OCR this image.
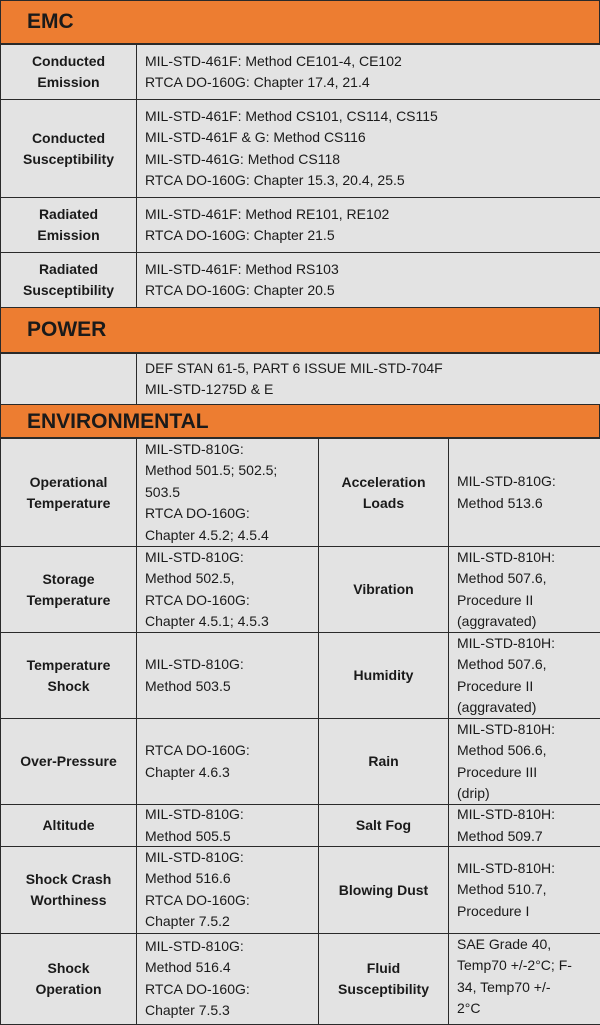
EMC
Conducted
Emission
MIL-STD-461F: Method CE101-4, CE102
RTCA DO-160G: Chapter 17.4, 21.4
Conducted
Susceptibility
MIL-STD-461F: Method CS101, CS114, CS115
MIL-STD-461F & G: Method CS116
MIL-STD-461G: Method CS118
RTCA DO-160G: Chapter 15.3, 20.4, 25.5
Radiated
Emission
MIL-STD-461F: Method RE101, RE102
RTCA DO-160G: Chapter 21.5
Radiated
Susceptibility
MIL-STD-461F: Method RS103
RTCA DO-160G: Chapter 20.5
POWER
DEF STAN 61-5, PART 6 ISSUE MIL-STD-704F
MIL-STD-1275D & E
ENVIRONMENTAL
Operational
Temperature
MIL-STD-810G:
Method 501.5; 502.5;
503.5
RTCA DO-160G:
Chapter 4.5.2; 4.5.4
Acceleration
Loads
MIL-STD-810G:
Method 513.6
Storage
Temperature
MIL-STD-810G:
Method 502.5,
RTCA DO-160G:
Chapter 4.5.1; 4.5.3
Vibration
MIL-STD-810H:
Method 507.6,
Procedure II
(aggravated)
Temperature
Shock
MIL-STD-810G:
Method 503.5
Humidity
MIL-STD-810H:
Method 507.6,
Procedure II
(aggravated)
Over-Pressure
RTCA DO-160G:
Chapter 4.6.3
Rain
MIL-STD-810H:
Method 506.6,
Procedure III
(drip)
Altitude
MIL-STD-810G:
Method 505.5
Salt Fog
MIL-STD-810H:
Method 509.7
Shock Crash
Worthiness
MIL-STD-810G:
Method 516.6
RTCA DO-160G:
Chapter 7.5.2
Blowing Dust
MIL-STD-810H:
Method 510.7,
Procedure I
Shock
Operation
MIL-STD-810G:
Method 516.4
RTCA DO-160G:
Chapter 7.5.3
Fluid
Susceptibility
SAE Grade 40,
Temp70 +/-2°C; F-
34, Temp70 +/-
2°C
